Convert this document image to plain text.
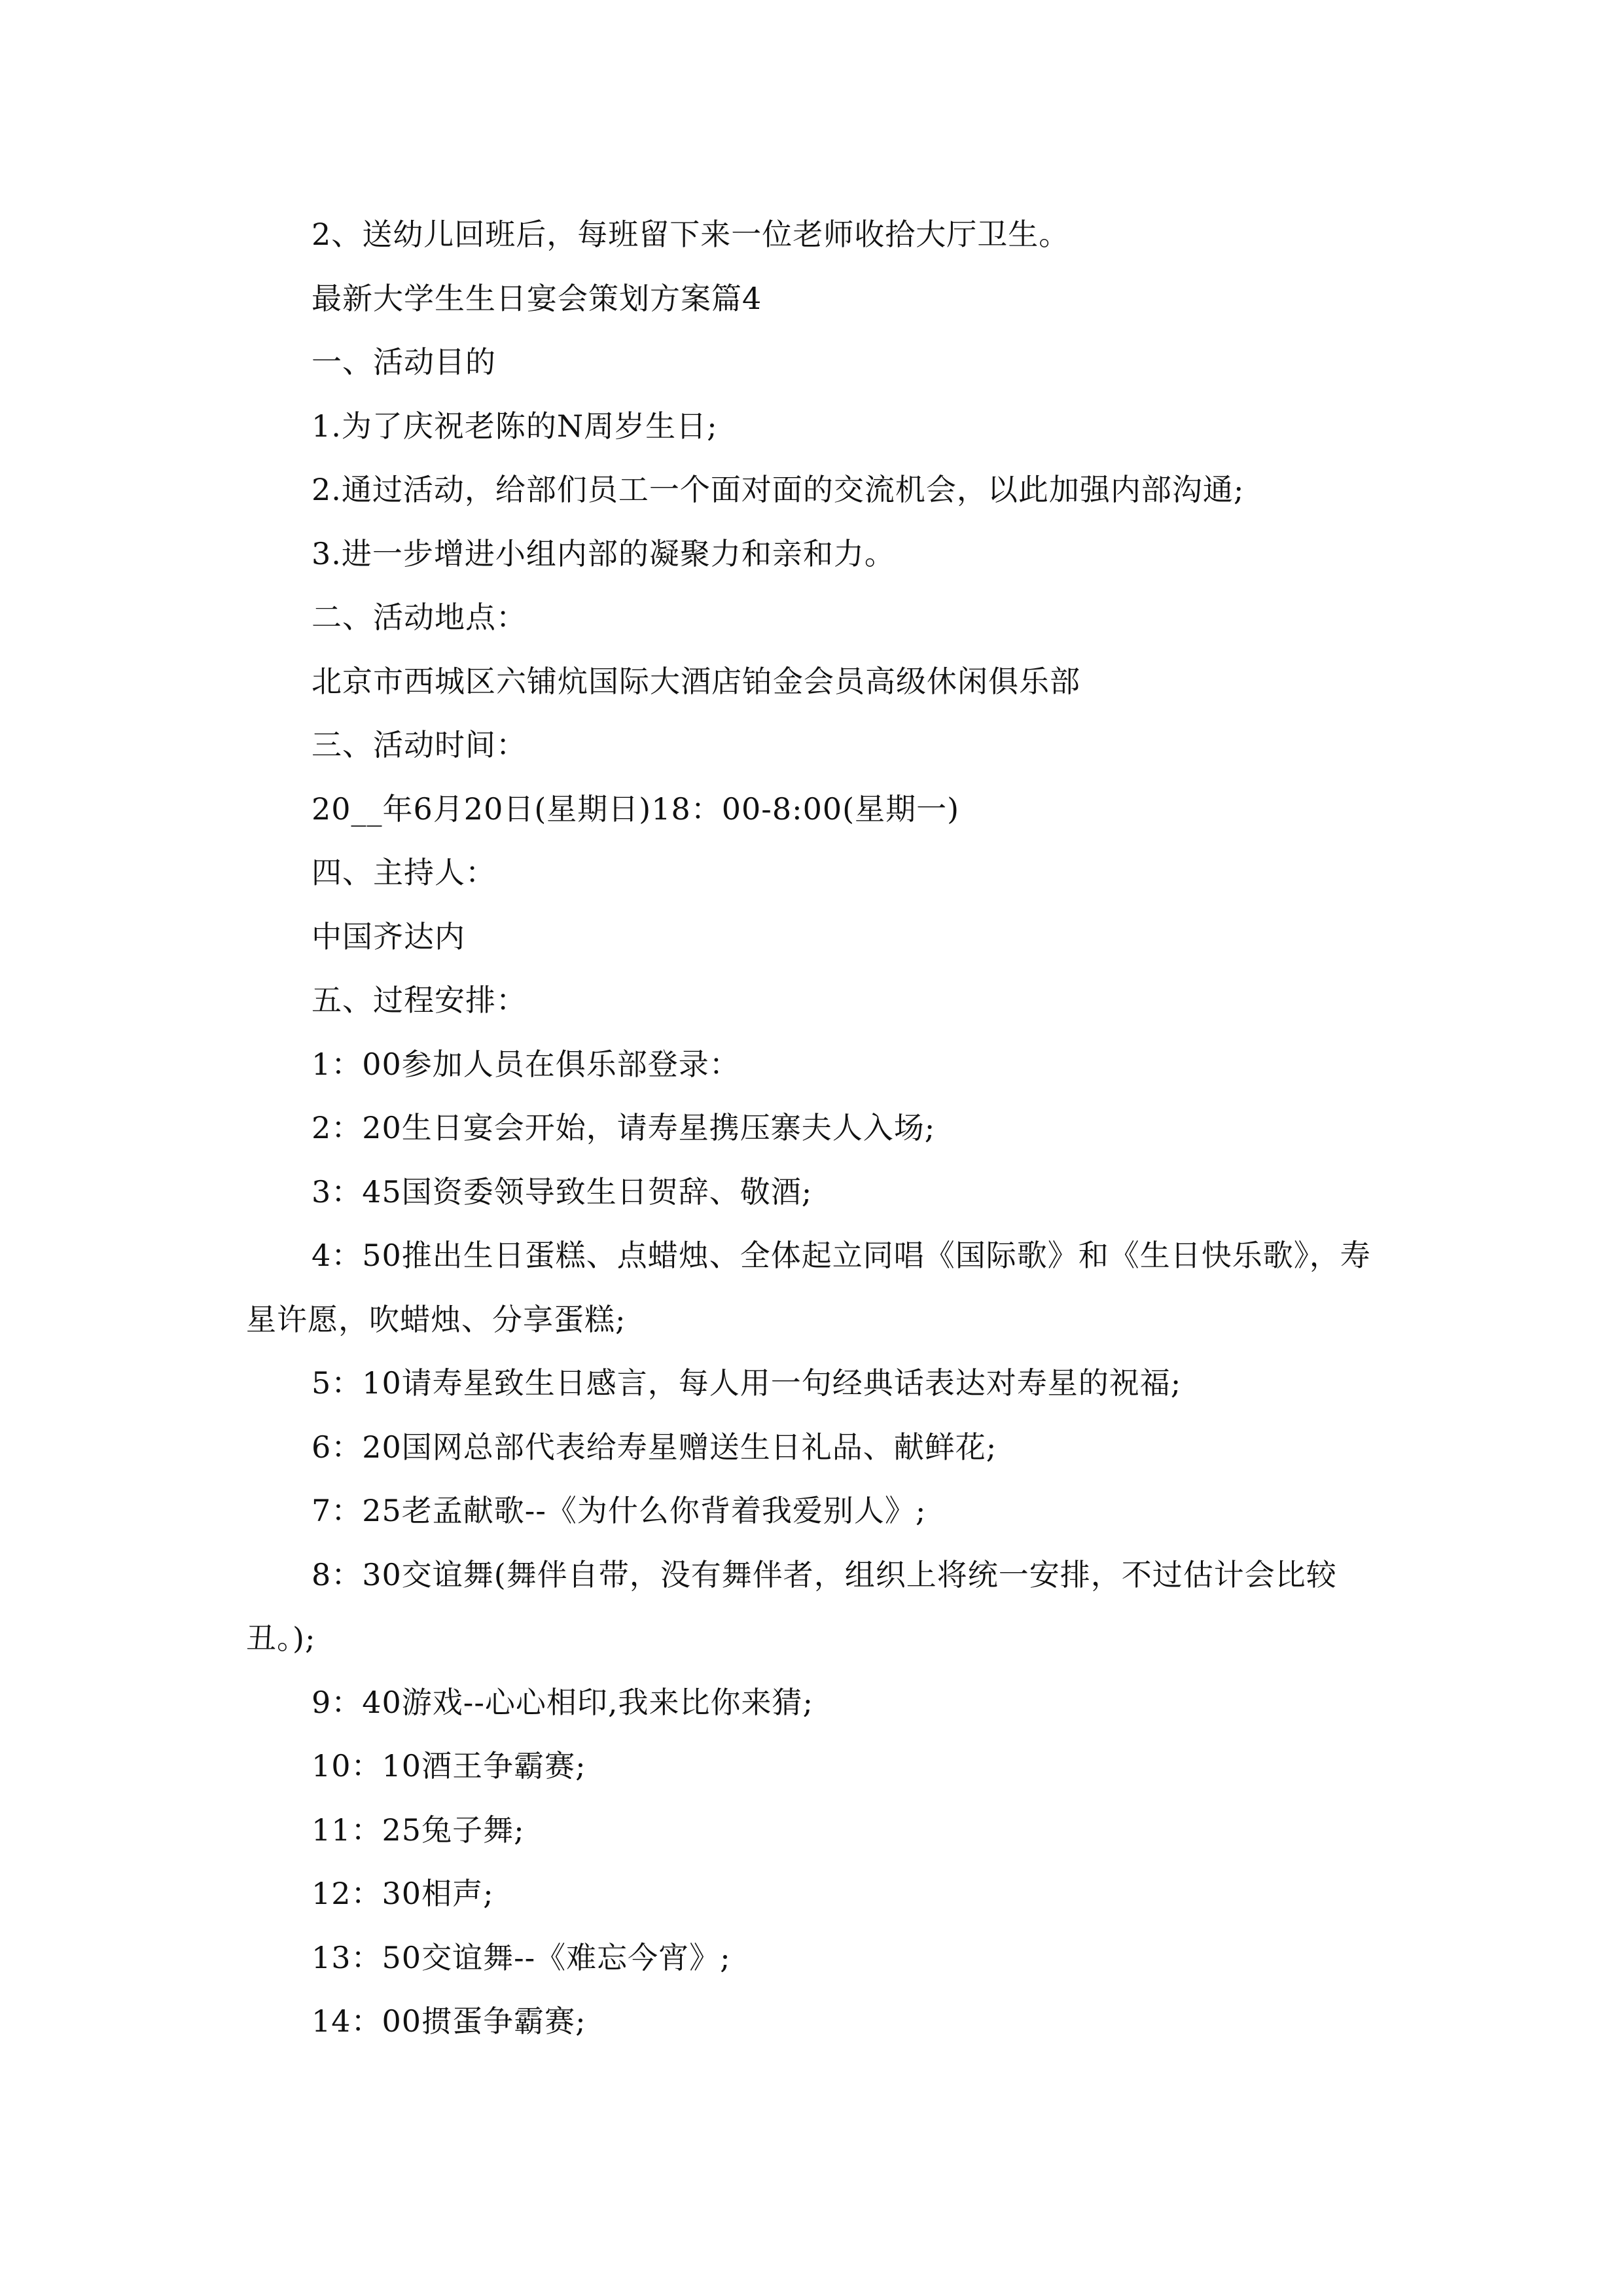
2、送幼儿回班后，每班留下来一位老师收拾大厅卫生。

最新大学生生日宴会策划方案篇4

一、活动目的

1.为了庆祝老陈的N周岁生日;

2.通过活动，给部们员工一个面对面的交流机会，以此加强内部沟通;

3.进一步增进小组内部的凝聚力和亲和力。

二、活动地点：

北京市西城区六铺炕国际大酒店铂金会员高级休闲俱乐部

三、活动时间：

20__年6月20日(星期日)18：00-8:00(星期一)

四、主持人：

中国齐达内

五、过程安排：

1：00参加人员在俱乐部登录：

2：20生日宴会开始，请寿星携压寨夫人入场;

3：45国资委领导致生日贺辞、敬酒;

4：50推出生日蛋糕、点蜡烛、全体起立同唱《国际歌》和《生日快乐歌》，寿星许愿，吹蜡烛、分享蛋糕;

5：10请寿星致生日感言，每人用一句经典话表达对寿星的祝福;

6：20国网总部代表给寿星赠送生日礼品、献鲜花;

7：25老孟献歌--《为什么你背着我爱别人》;

8：30交谊舞(舞伴自带，没有舞伴者，组织上将统一安排，不过估计会比较丑。);

9：40游戏--心心相印,我来比你来猜;

10：10酒王争霸赛;

11：25兔子舞;

12：30相声;

13：50交谊舞--《难忘今宵》;

14：00掼蛋争霸赛;
